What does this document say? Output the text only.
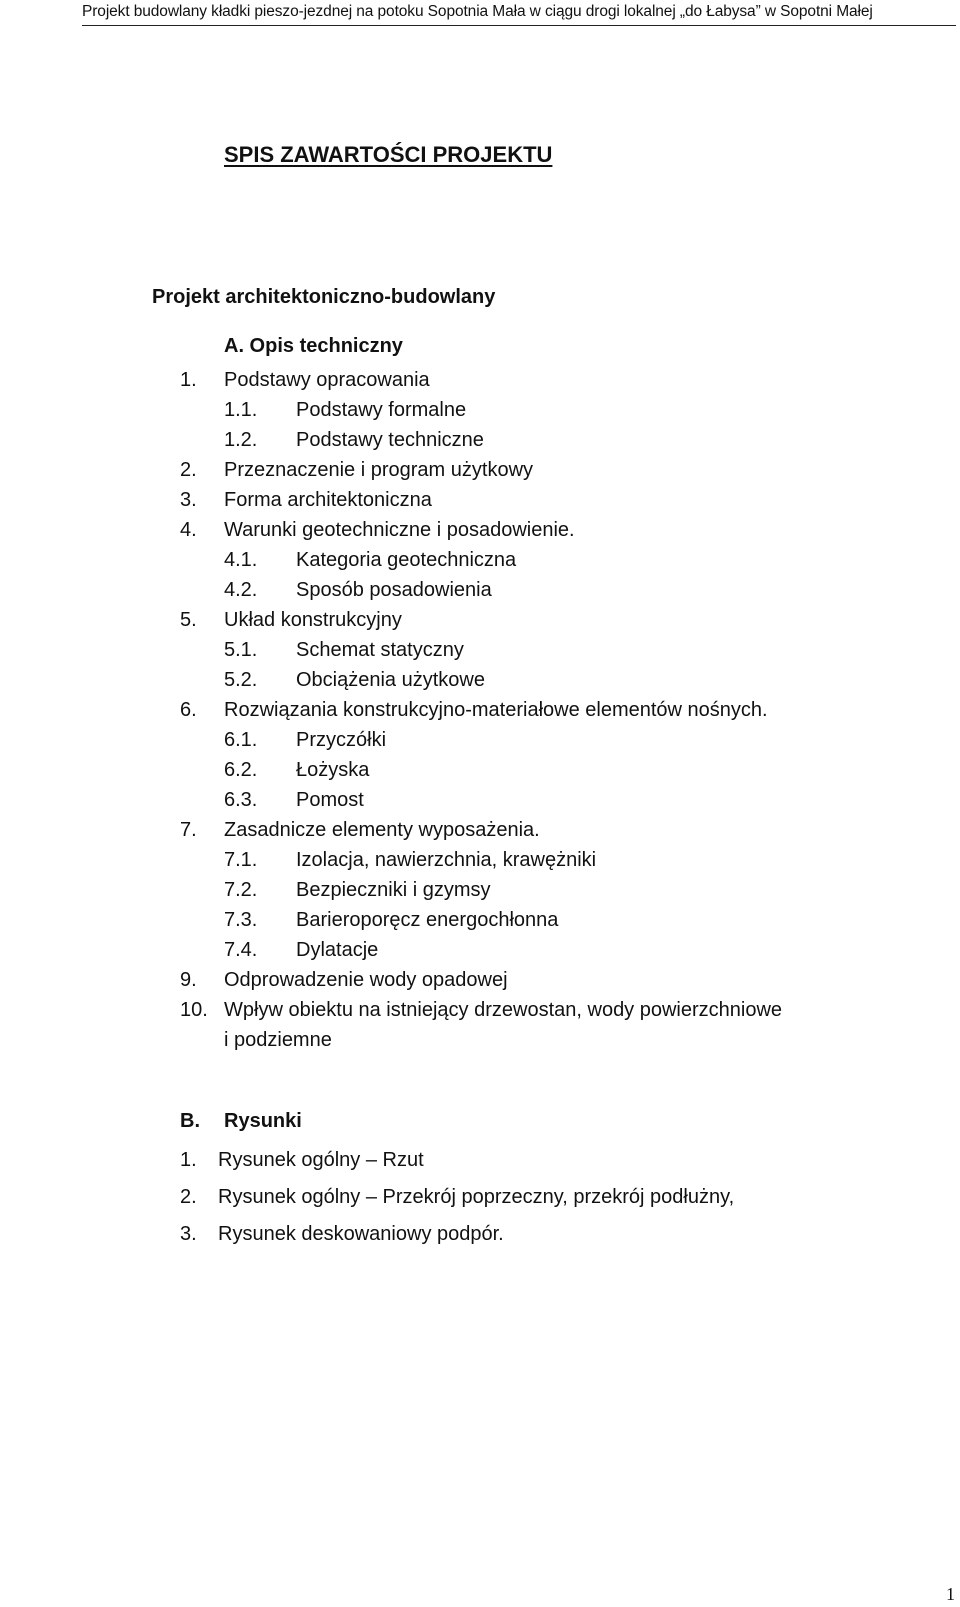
Projekt budowlany kładki pieszo-jezdnej na potoku Sopotnia Mała w ciągu drogi lokalnej „do Łabysa” w Sopotni Małej
SPIS ZAWARTOŚCI PROJEKTU
Projekt architektoniczno-budowlany
A. Opis techniczny
1. Podstawy opracowania
1.1. Podstawy formalne
1.2. Podstawy techniczne
2. Przeznaczenie i program użytkowy
3. Forma architektoniczna
4. Warunki geotechniczne i posadowienie.
4.1. Kategoria geotechniczna
4.2. Sposób posadowienia
5. Układ konstrukcyjny
5.1. Schemat statyczny
5.2. Obciążenia użytkowe
6. Rozwiązania konstrukcyjno-materiałowe elementów nośnych.
6.1. Przyczółki
6.2. Łożyska
6.3. Pomost
7. Zasadnicze elementy wyposażenia.
7.1. Izolacja, nawierzchnia, krawężniki
7.2. Bezpieczniki i gzymsy
7.3. Barieroporęcz energochłonna
7.4. Dylatacje
9. Odprowadzenie wody opadowej
10. Wpływ obiektu na istniejący drzewostan, wody powierzchniowe
i podziemne
B. Rysunki
1. Rysunek ogólny – Rzut
2. Rysunek ogólny – Przekrój poprzeczny, przekrój podłużny,
3. Rysunek deskowaniowy podpór.
1
